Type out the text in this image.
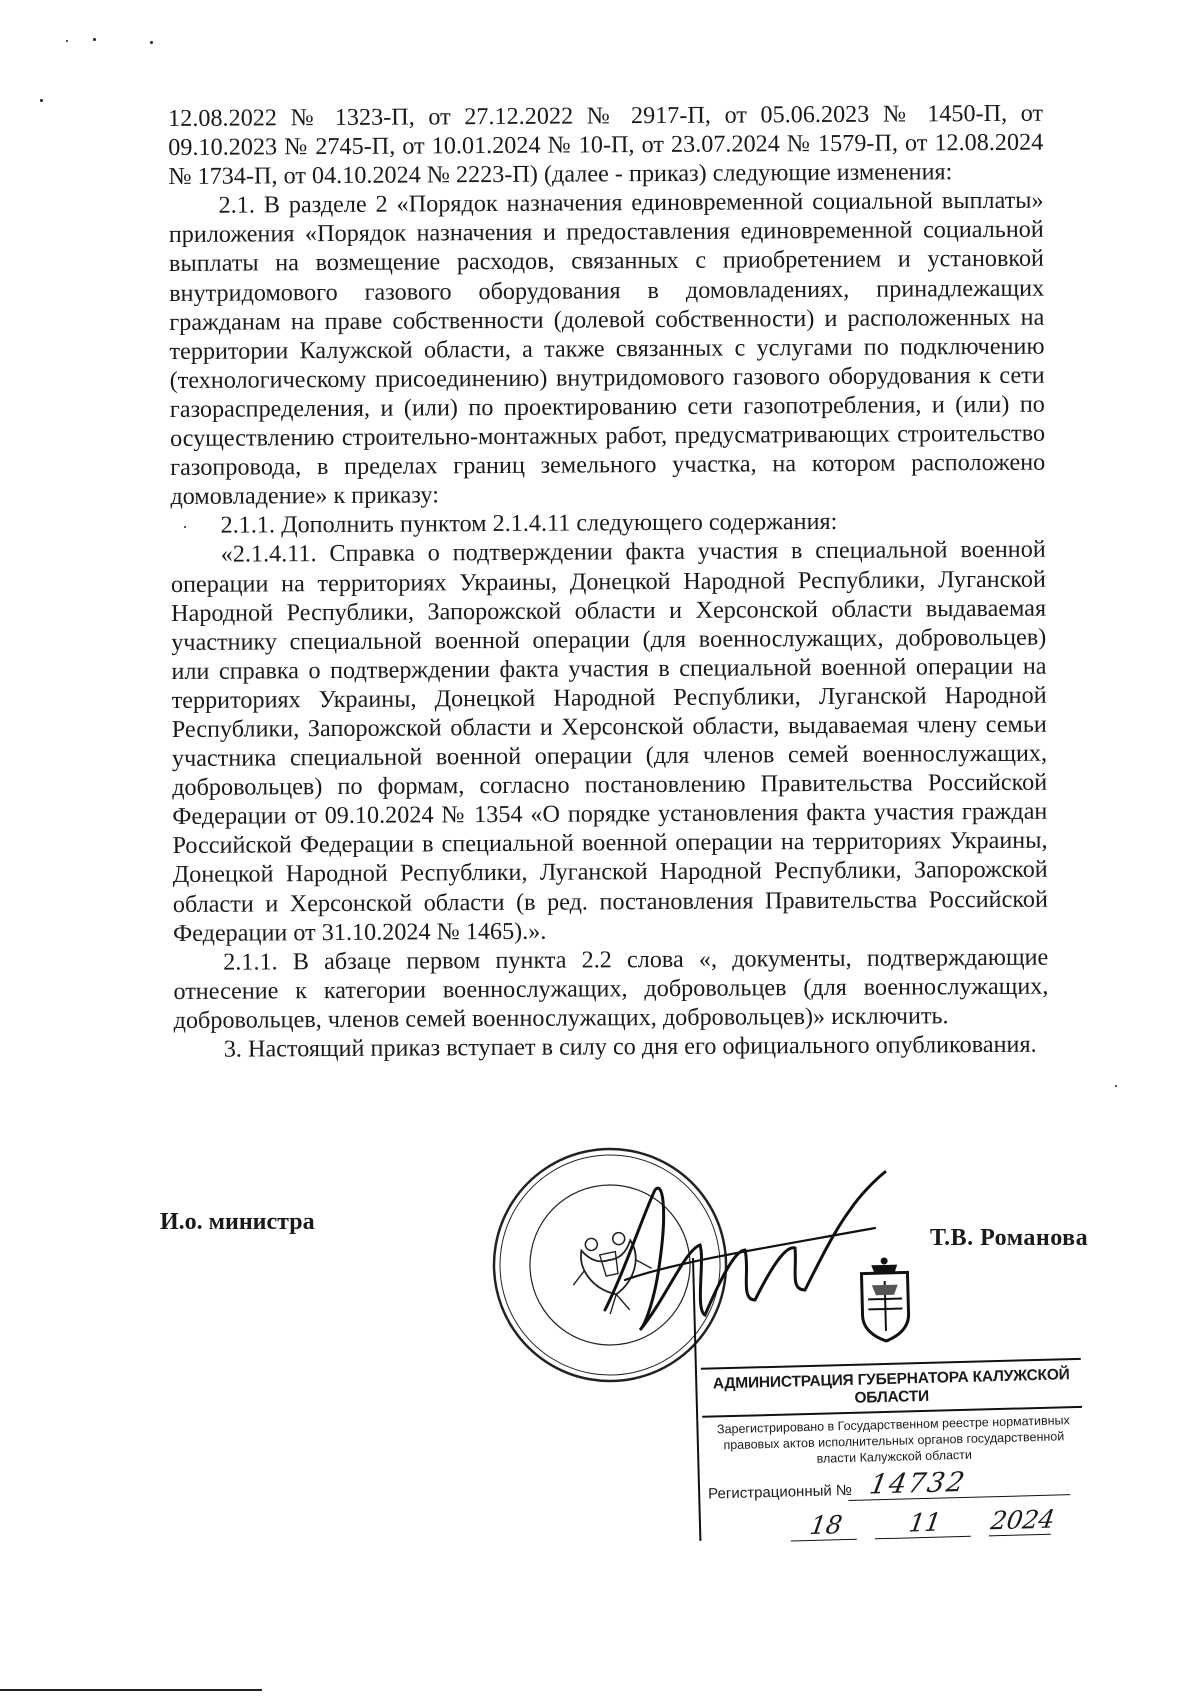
12.08.2022 № 1323-П, от 27.12.2022 № 2917-П, от 05.06.2023 № 1450-П, от 09.10.2023 № 2745-П, от 10.01.2024 № 10-П, от 23.07.2024 № 1579-П, от 12.08.2024 № 1734-П, от 04.10.2024 № 2223-П) (далее - приказ) следующие изменения:

2.1. В разделе 2 «Порядок назначения единовременной социальной выплаты» приложения «Порядок назначения и предоставления единовременной социальной выплаты на возмещение расходов, связанных с приобретением и установкой внутридомового газового оборудования в домовладениях, принадлежащих гражданам на праве собственности (долевой собственности) и расположенных на территории Калужской области, а также связанных с услугами по подключению (технологическому присоединению) внутридомового газового оборудования к сети газораспределения, и (или) по проектированию сети газопотребления, и (или) по осуществлению строительно-монтажных работ, предусматривающих строительство газопровода, в пределах границ земельного участка, на котором расположено домовладение» к приказу:

2.1.1. Дополнить пунктом 2.1.4.11 следующего содержания:

«2.1.4.11. Справка о подтверждении факта участия в специальной военной операции на территориях Украины, Донецкой Народной Республики, Луганской Народной Республики, Запорожской области и Херсонской области выдаваемая участнику специальной военной операции (для военнослужащих, добровольцев) или справка о подтверждении факта участия в специальной военной операции на территориях Украины, Донецкой Народной Республики, Луганской Народной Республики, Запорожской области и Херсонской области, выдаваемая члену семьи участника специальной военной операции (для членов семей военнослужащих, добровольцев) по формам, согласно постановлению Правительства Российской Федерации от 09.10.2024 № 1354 «О порядке установления факта участия граждан Российской Федерации в специальной военной операции на территориях Украины, Донецкой Народной Республики, Луганской Народной Республики, Запорожской области и Херсонской области (в ред. постановления Правительства Российской Федерации от 31.10.2024 № 1465).».

2.1.1. В абзаце первом пункта 2.2 слова «, документы, подтверждающие отнесение к категории военнослужащих, добровольцев (для военнослужащих, добровольцев, членов семей военнослужащих, добровольцев)» исключить.

3. Настоящий приказ вступает в силу со дня его официального опубликования.

И.о. министра
Т.В. Романова
АДМИНИСТРАЦИЯ ГУБЕРНАТОРА КАЛУЖСКОЙ ОБЛАСТИ
Зарегистрировано в Государственном реестре нормативных правовых актов исполнительных органов государственной власти Калужской области
Регистрационный № 14732
18	11 2024
